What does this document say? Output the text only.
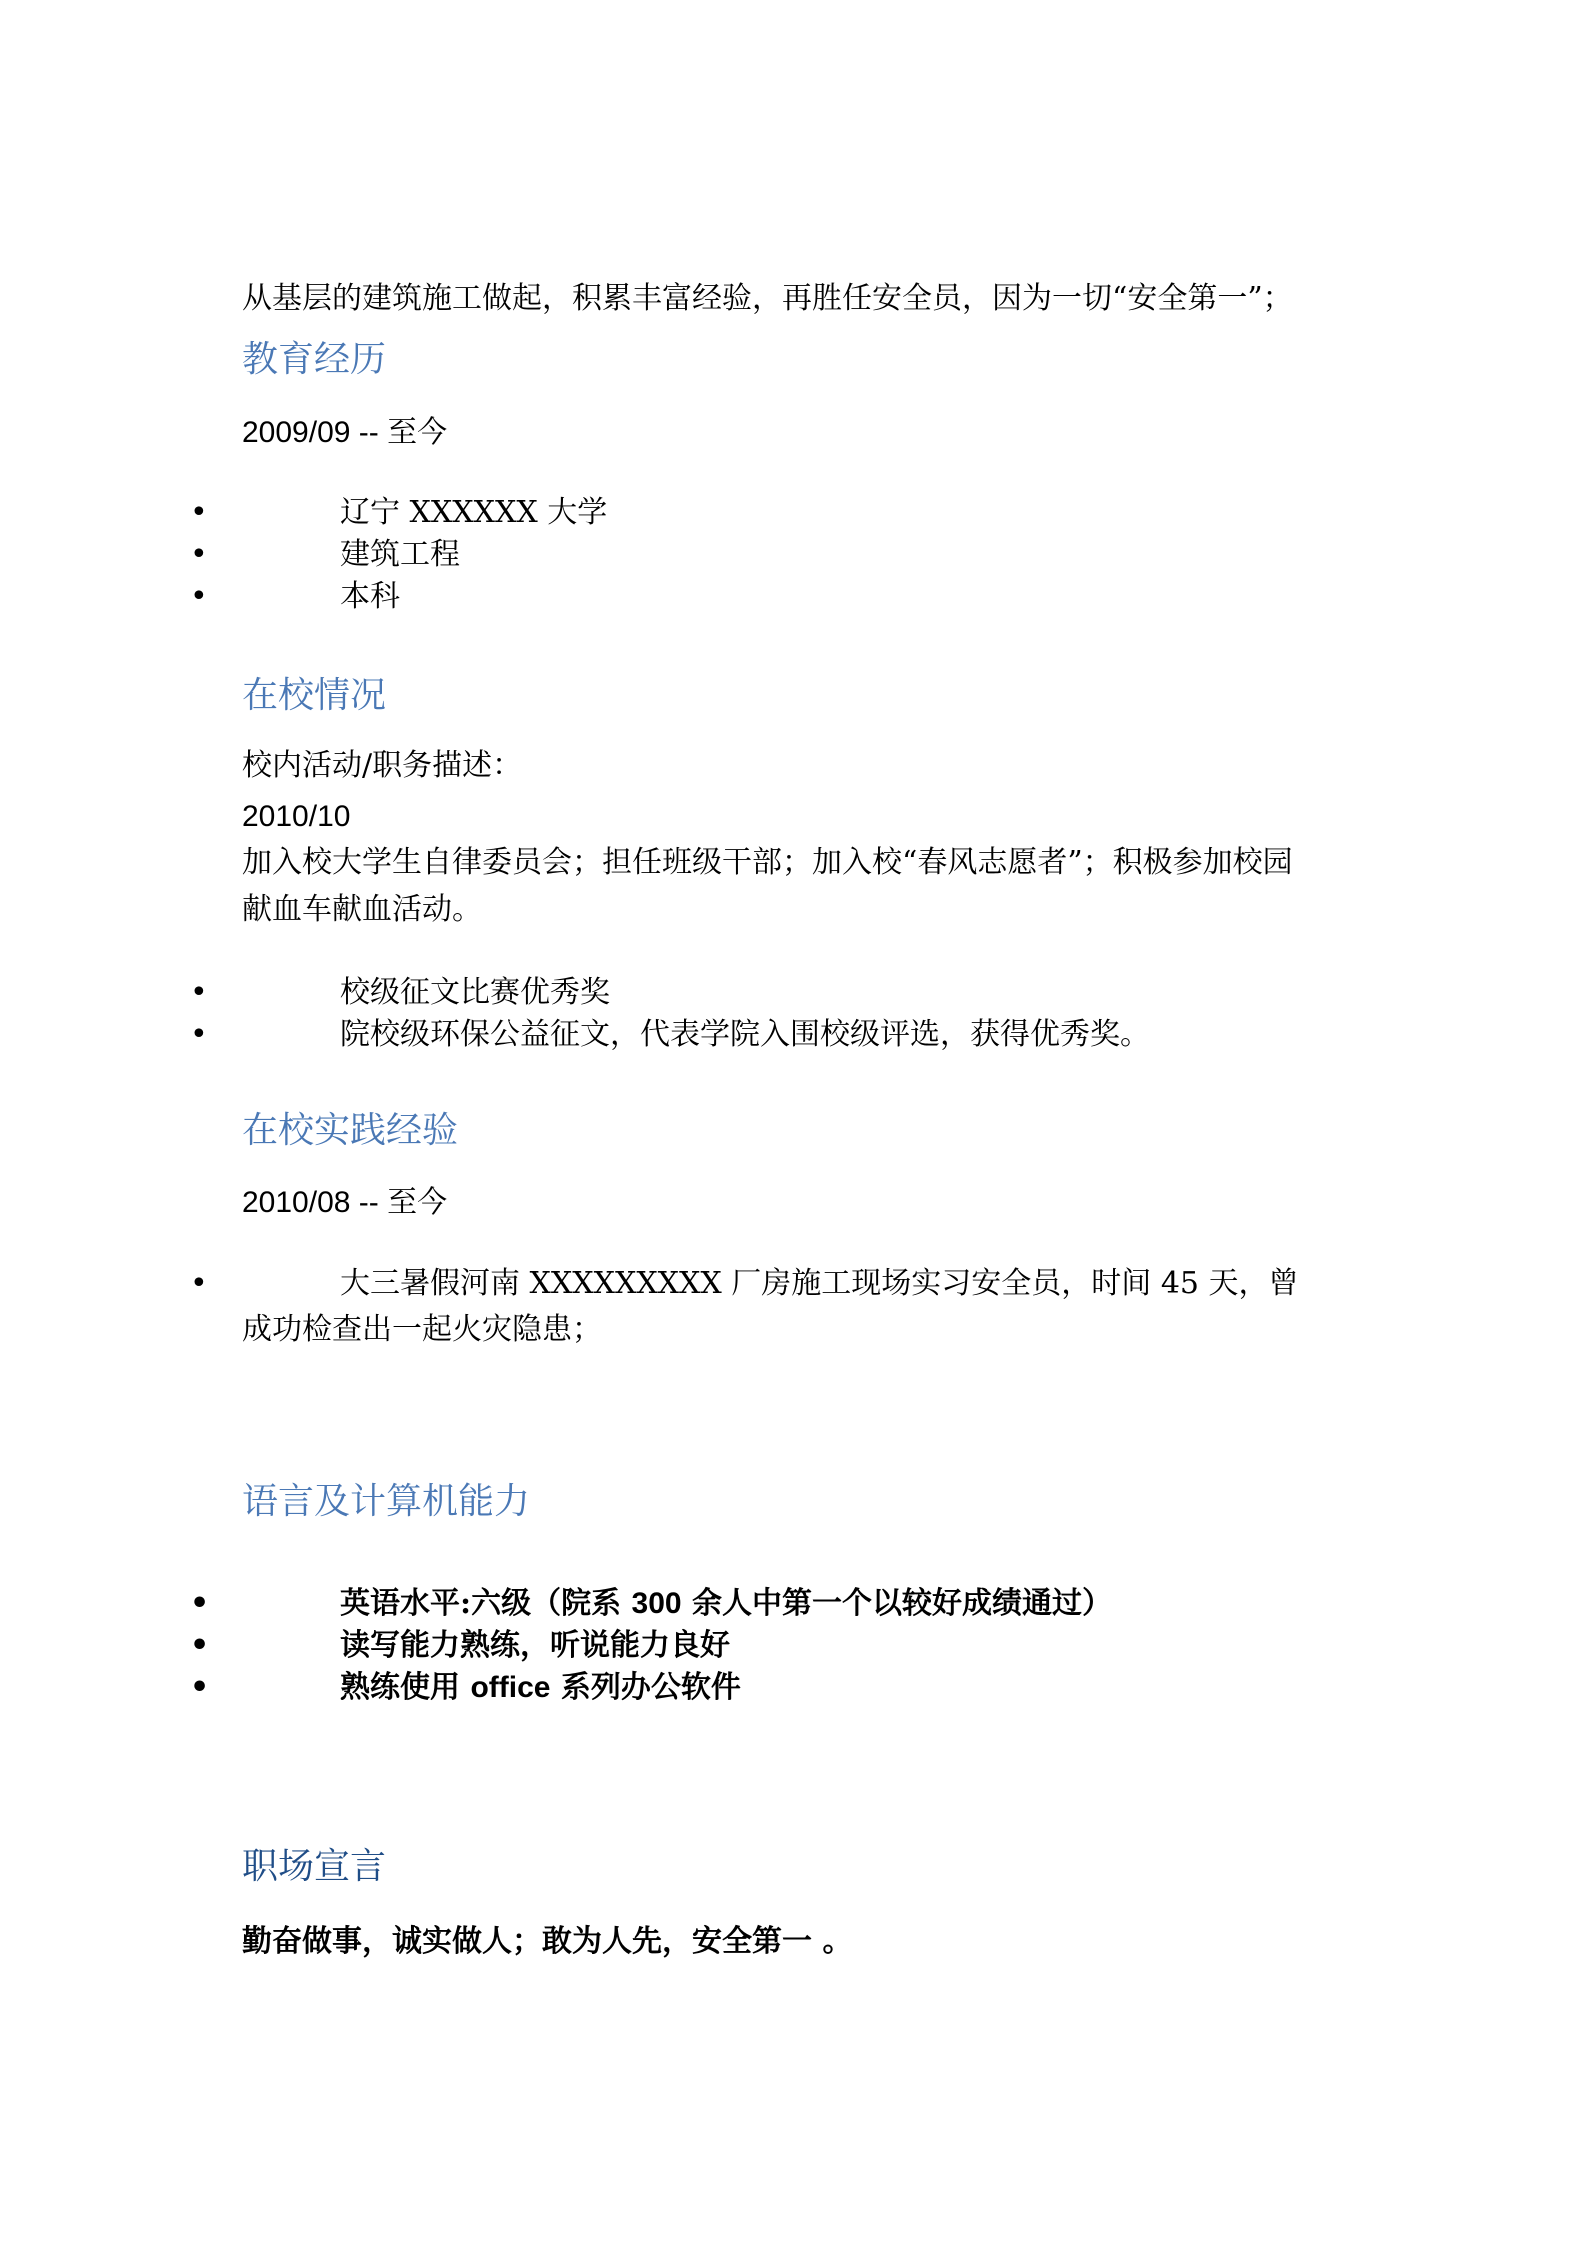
从基层的建筑施工做起，积累丰富经验，再胜任安全员，因为一切“安全第一”；
教育经历
2009/09 -- 至今
•	辽宁 XXXXXX 大学
•	建筑工程
•	本科
在校情况
校内活动/职务描述：
2010/10
加入校大学生自律委员会；担任班级干部；加入校“春风志愿者”；积极参加校园
献血车献血活动。
•	校级征文比赛优秀奖
•	院校级环保公益征文，代表学院入围校级评选，获得优秀奖。
在校实践经验
2010/08 -- 至今
•	大三暑假河南 XXXXXXXXX 厂房施工现场实习安全员，时间 45 天，曾
成功检查出一起火灾隐患；
语言及计算机能力
•	英语水平:六级（院系 300 余人中第一个以较好成绩通过）
•	读写能力熟练，听说能力良好
•	熟练使用 office 系列办公软件
职场宣言
勤奋做事，诚实做人；敢为人先，安全第一 。
